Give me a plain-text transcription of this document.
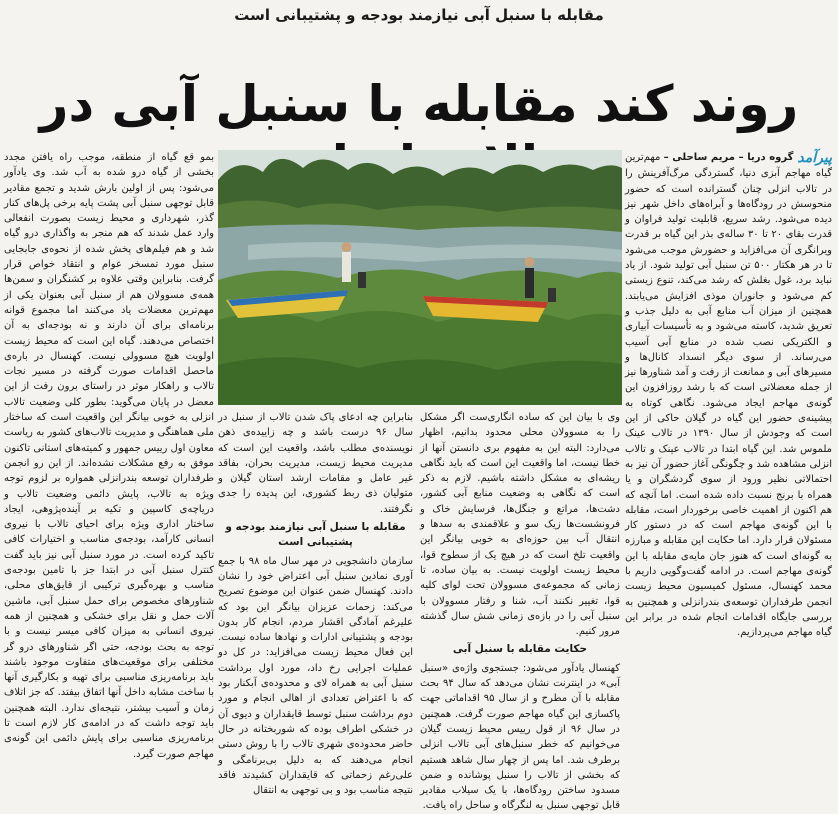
مقابله با سنبل آبی نیازمند بودجه و پشتیبانی است
روند کند مقابله با سنبل آبی در

پیرآمدگروه دریا – مریم ساحلی – مهم‌ترین گیاه مهاجم آبزی دنیا، گستردگی مرگ‌آفرینش را در تالاب انزلی چنان گسترانده است که حضور منحوسش در رودگاه‌ها و آبراه‌های داخل شهر نیز دیده می‌شود. رشد سریع، قابلیت تولید فراوان و قدرت بقای ۲۰ تا ۳۰ ساله‌ی بذر این گیاه بر قدرت ویرانگری آن می‌افزاید و حضورش موجب می‌شود تا در هر هکتار ۵۰۰ تن سنبل آبی تولید شود. از یاد نباید برد، غول بغلش که رشد می‌کند، تنوع زیستی کم می‌شود و جانوران موذی افزایش می‌یابند. همچنین از میزان آب منابع آبی به دلیل جذب و تعریق شدید، کاسته می‌شود و به تأسیسات آبیاری و الکتریکی نصب شده در منابع آبی آسیب می‌رساند. از سوی دیگر انسداد کانال‌ها و مسیرهای آبی و ممانعت از رفت و آمد شناورها نیز از جمله معضلاتی است که با رشد روزافزون این گونه‌ی مهاجم ایجاد می‌شود. نگاهی کوتاه به پیشینه‌ی حضور این گیاه در گیلان حاکی از این است که وجودش از سال ۱۳۹۰ در تالاب عینک ملموس شد. این گیاه ابتدا در تالاب عینک و تالاب انزلی مشاهده شد و چگونگی آغاز حضور آن نیز به احتمالاتی نظیر ورود از سوی گردشگران و یا همراه با برنج نسبت داده شده است. اما آنچه که هم اکنون از اهمیت خاصی برخوردار است، مقابله با این گونه‌ی مهاجم است که در دستور کار مسئولان قرار دارد. اما حکایت این مقابله و مبارزه به گونه‌ای است که هنوز جان مایه‌ی مقابله با این گونه‌ی مهاجم است. در ادامه گفت‌وگویی داریم با محمد کهنسال، مسئول کمیسیون محیط زیست انجمن طرفداران توسعه‌ی بندرانزلی و همچنین به بررسی جایگاه اقدامات انجام شده در برابر این گیاه مهاجم می‌پردازیم.

وی با بیان این که ساده انگاری‌ست اگر مشکل را به مسوولان محلی محدود بدانیم، اظهار می‌دارد: البته این به مفهوم بری دانستن آنها از خطا نیست، اما واقعیت این است که باید نگاهی ریشه‌ای به مشکل داشته باشیم. لازم به ذکر است که نگاهی به وضعیت منابع آبی کشور، دشت‌ها، مراتع و جنگل‌ها، فرسایش خاک و فرونشست‌ها زیک سو و علاقمندی به سدها و انتقال آب بین حوزه‌ای به خوبی بیانگر این واقعیت تلخ است که در هیچ یک از سطوح قوا، محیط زیست اولویت نیست. به بیان ساده، تا زمانی که مجموعه‌ی مسوولان تحت لوای کلیه قوا، تغییر نکنند آب، شنا و رفتار مسوولان با سنبل آبی را در بازه‌ی زمانی شش سال گذشته مرور کنیم.

حکایت مقابله با سنبل آبی

کهنسال یادآور می‌شود: جستجوی واژه‌ی «سنبل آبی» در اینترنت نشان می‌دهد که سال ۹۴ بحث مقابله با آن مطرح و از سال ۹۵ اقداماتی جهت پاکسازی این گیاه مهاجم صورت گرفت. همچنین در سال ۹۶ از قول رییس محیط زیست گیلان می‌خوانیم که خطر سنبل‌های آبی تالاب انزلی برطرف شد. اما پس از چهار سال شاهد هستیم که بخشی از تالاب را سنبل پوشانده و ضمن مسدود ساختن رودگاه‌ها، با یک سیلاب مقادیر قابل توجهی سنبل به لنگرگاه و ساحل راه یافت.

بنابراین چه ادعای پاک شدن تالاب از سنبل در سال ۹۶ درست باشد و چه زاییده‌ی ذهن نویسنده‌ی مطلب باشد، واقعیت این است که مدیریت محیط زیست، مدیریت بحران، بفاقد غیر عامل و مقامات ارشد استان گیلان و متولیان ذی ربط کشوری، این پدیده را جدی نگرفتند.

مقابله با سنبل آبی نیازمند بودجه و پشتیبانی است

سازمان دانشجویی در مهر سال ماه ۹۸ با جمع آوری نمادین سنبل آبی اعتراض خود را نشان دادند. کهنسال ضمن عنوان این موضوع تصریح می‌کند: زحمات عزیزان بیانگر این بود که علیرغم آمادگی اقشار مردم، انجام کار بدون بودجه و پشتیبانی ادارات و نهادها ساده نیست. این فعال محیط زیست می‌افزاید: در کل دو عملیات اجرایی رخ داد، مورد اول برداشت سنبل آبی به همراه لای و محدوده‌ی آبکنار بود که با اعتراض تعدادی از اهالی انجام و مورد دوم برداشت سنبل توسط قایقداران و دیوی آن در خشکی اطراف بوده که شوربختانه در حال حاضر محدوده‌ی شهری تالاب را با روش دستی انجام می‌دهند که به دلیل بی‌برنامگی و علی‌رغم زحماتی که قایقداران کشیدند فاقد نتیجه مناسب بود و بی توجهی به انتقال

بمو قع گیاه از منطقه، موجب راه یافتن مجدد بخشی از گیاه درو شده به آب شد. وی یادآور می‌شود: پس از اولین بارش شدید و تجمع مقادیر قابل توجهی سنبل آبی پشت پایه برخی پل‌های کنار گذر، شهرداری و محیط زیست بصورت انفعالی وارد عمل شدند که هم منجر به واگذاری درو گیاه شد و هم فیلم‌های پخش شده از نحوه‌ی جابجایی سنبل مورد تمسخر عوام و انتقاد خواص قرار گرفت. بنابراین وقتی علاوه بر کشنگران و سمن‌ها همه‌ی مسوولان هم از سنبل آبی بعنوان یکی از مهم‌ترین معضلات یاد می‌کنند اما مجموع قوانه برنامه‌ای برای آن دارند و نه بودجه‌ای به آن اختصاص می‌دهند. گیاه این است که محیط زیست اولویت هیچ مسوولی نیست. کهنسال در باره‌ی ماحصل اقدامات صورت گرفته در مسیر نجات تالاب و راهکار موثر در راستای برون رفت از این معضل در پایان می‌گوید: بطور کلی وضعیت تالاب انزلی به خوبی بیانگر این واقعیت است که ساختار ملی هماهنگی و مدیریت تالاب‌های کشور به ریاست معاون اول رییس جمهور و کمیته‌های استانی تاکنون موفق به رفع مشکلات نشده‌اند. از این رو انجمن طرفداران توسعه بندرانزلی همواره بر لزوم توجه ویژه به تالاب، پایش دائمی وضعیت تالاب و دریاچه‌ی کاسپین و تکیه بر آینده‌پژوهی، ایجاد ساختار اداری ویژه برای احیای تالاب با نیروی انسانی کارآمد، بودجه‌ی مناسب و اختیارات کافی تاکید کرده است. در مورد سنبل آبی نیز باید گفت کنترل سنبل آبی در ابتدا جز با تامین بودجه‌ی مناسب و بهره‌گیری ترکیبی از قایق‌های محلی، شناورهای مخصوص برای حمل سنبل آبی، ماشین آلات حمل و نقل برای خشکی و همچنین از همه نیروی انسانی به میزان کافی میسر نیست و با توجه به بحث بودجه، حتی اگر شناورهای درو گر مختلفی برای موقعیت‌های متفاوت موجود باشند باید برنامه‌ریزی مناسبی برای تهیه و بکارگیری آنها با ساخت مشابه داخل آنها اتفاق بیفتد. که جز اتلاف زمان و آسیب بیشتر، نتیجه‌ای ندارد. البته همچنین باید توجه داشت که در ادامه‌ی کار لازم است تا برنامه‌ریزی مناسبی برای پایش دائمی این گونه‌ی مهاجم صورت گیرد.
